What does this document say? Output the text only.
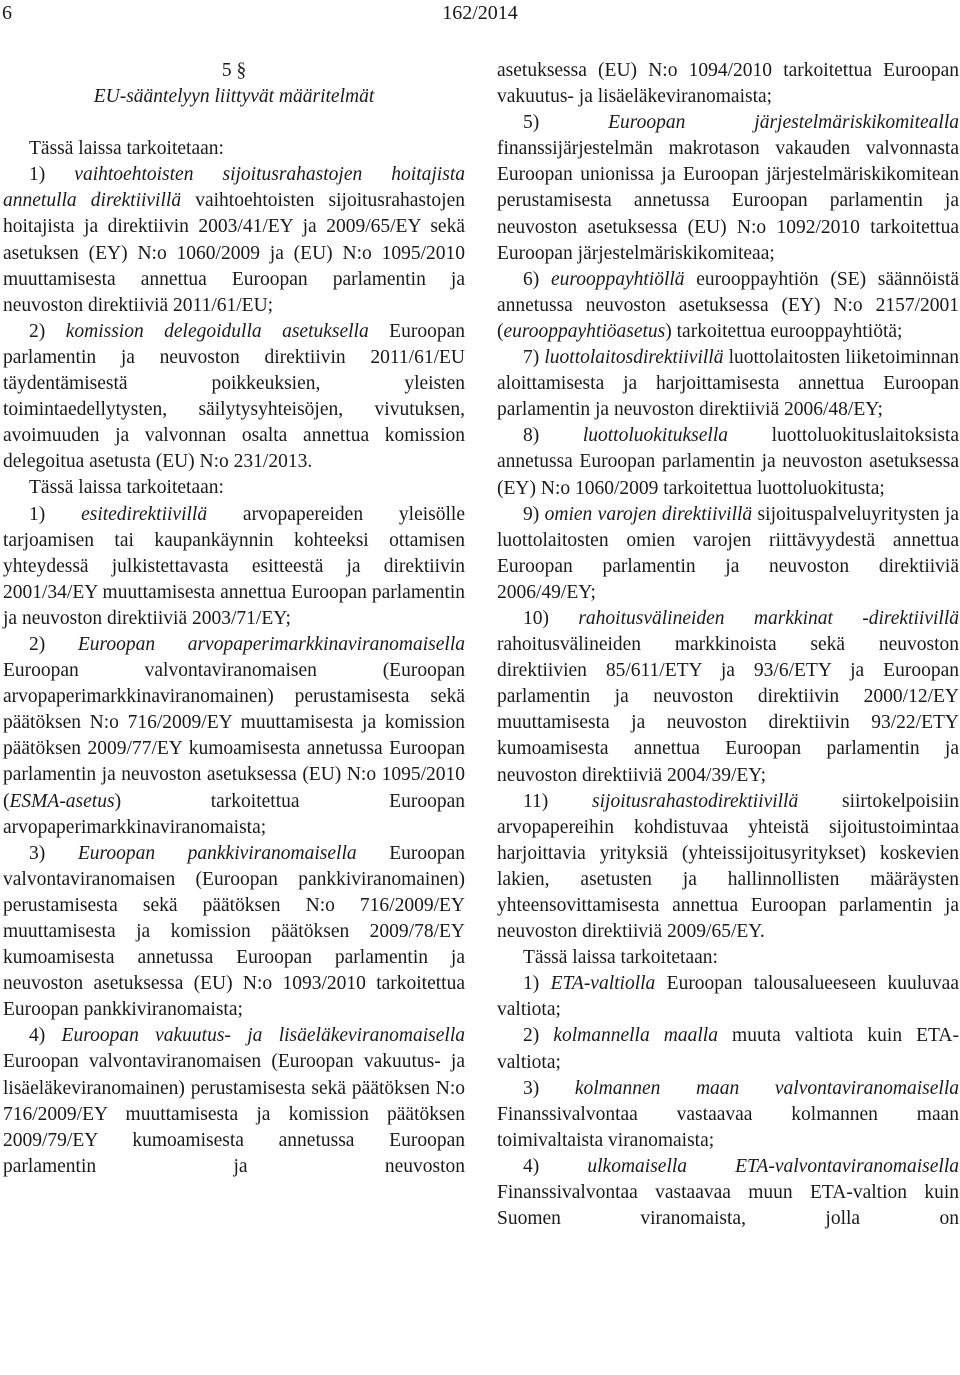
6	162/2014

5 §

EU-sääntelyyn liittyvät määritelmät

Tässä laissa tarkoitetaan:

1) vaihtoehtoisten sijoitusrahastojen hoitajista annetulla direktiivillä vaihtoehtoisten sijoitusrahastojen hoitajista ja direktiivin 2003/41/EY ja 2009/65/EY sekä asetuksen (EY) N:o 1060/2009 ja (EU) N:o 1095/2010 muuttamisesta annettua Euroopan parlamentin ja neuvoston direktiiviä 2011/61/EU;

2) komission delegoidulla asetuksella Euroopan parlamentin ja neuvoston direktiivin 2011/61/EU täydentämisestä poikkeuksien, yleisten toimintaedellytysten, säilytysyhteisöjen, vivutuksen, avoimuuden ja valvonnan osalta annettua komission delegoitua asetusta (EU) N:o 231/2013.

Tässä laissa tarkoitetaan:

1) esitedirektiivillä arvopapereiden yleisölle tarjoamisen tai kaupankäynnin kohteeksi ottamisen yhteydessä julkistettavasta esitteestä ja direktiivin 2001/34/EY muuttamisesta annettua Euroopan parlamentin ja neuvoston direktiiviä 2003/71/EY;

2) Euroopan arvopaperimarkkinaviranomaisella Euroopan valvontaviranomaisen (Euroopan arvopaperimarkkinaviranomainen) perustamisesta sekä päätöksen N:o 716/2009/EY muuttamisesta ja komission päätöksen 2009/77/EY kumoamisesta annetussa Euroopan parlamentin ja neuvoston asetuksessa (EU) N:o 1095/2010 (ESMA-asetus) tarkoitettua Euroopan arvopaperimarkkinaviranomaista;

3) Euroopan pankkiviranomaisella Euroopan valvontaviranomaisen (Euroopan pankkiviranomainen) perustamisesta sekä päätöksen N:o 716/2009/EY muuttamisesta ja komission päätöksen 2009/78/EY kumoamisesta annetussa Euroopan parlamentin ja neuvoston asetuksessa (EU) N:o 1093/2010 tarkoitettua Euroopan pankkiviranomaista;

4) Euroopan vakuutus- ja lisäeläkeviranomaisella Euroopan valvontaviranomaisen (Euroopan vakuutus- ja lisäeläkeviranomainen) perustamisesta sekä päätöksen N:o 716/2009/EY muuttamisesta ja komission päätöksen 2009/79/EY kumoamisesta annetussa Euroopan parlamentin ja neuvoston

asetuksessa (EU) N:o 1094/2010 tarkoitettua Euroopan vakuutus- ja lisäeläkeviranomaista;

5) Euroopan järjestelmäriskikomitealla finanssijärjestelmän makrotason vakauden valvonnasta Euroopan unionissa ja Euroopan järjestelmäriskikomitean perustamisesta annetussa Euroopan parlamentin ja neuvoston asetuksessa (EU) N:o 1092/2010 tarkoitettua Euroopan järjestelmäriskikomiteaa;

6) eurooppayhtiöllä eurooppayhtiön (SE) säännöistä annetussa neuvoston asetuksessa (EY) N:o 2157/2001 (eurooppayhtiöasetus) tarkoitettua eurooppayhtiötä;

7) luottolaitosdirektiivillä luottolaitosten liiketoiminnan aloittamisesta ja harjoittamisesta annettua Euroopan parlamentin ja neuvoston direktiiviä 2006/48/EY;

8) luottoluokituksella luottoluokituslaitoksista annetussa Euroopan parlamentin ja neuvoston asetuksessa (EY) N:o 1060/2009 tarkoitettua luottoluokitusta;

9) omien varojen direktiivillä sijoituspalveluyritysten ja luottolaitosten omien varojen riittävyydestä annettua Euroopan parlamentin ja neuvoston direktiiviä 2006/49/EY;

10) rahoitusvälineiden markkinat -direktiivillä rahoitusvälineiden markkinoista sekä neuvoston direktiivien 85/611/ETY ja 93/6/ETY ja Euroopan parlamentin ja neuvoston direktiivin 2000/12/EY muuttamisesta ja neuvoston direktiivin 93/22/ETY kumoamisesta annettua Euroopan parlamentin ja neuvoston direktiiviä 2004/39/EY;

11) sijoitusrahastodirektiivillä siirtokelpoisiin arvopapereihin kohdistuvaa yhteistä sijoitustoimintaa harjoittavia yrityksiä (yhteissijoitusyritykset) koskevien lakien, asetusten ja hallinnollisten määräysten yhteensovittamisesta annettua Euroopan parlamentin ja neuvoston direktiiviä 2009/65/EY.

Tässä laissa tarkoitetaan:

1) ETA-valtiolla Euroopan talousalueeseen kuuluvaa valtiota;

2) kolmannella maalla muuta valtiota kuin ETA-valtiota;

3) kolmannen maan valvontaviranomaisella Finanssivalvontaa vastaavaa kolmannen maan toimivaltaista viranomaista;

4) ulkomaisella ETA-valvontaviranomaisella Finanssivalvontaa vastaavaa muun ETA-valtion kuin Suomen viranomaista, jolla on
